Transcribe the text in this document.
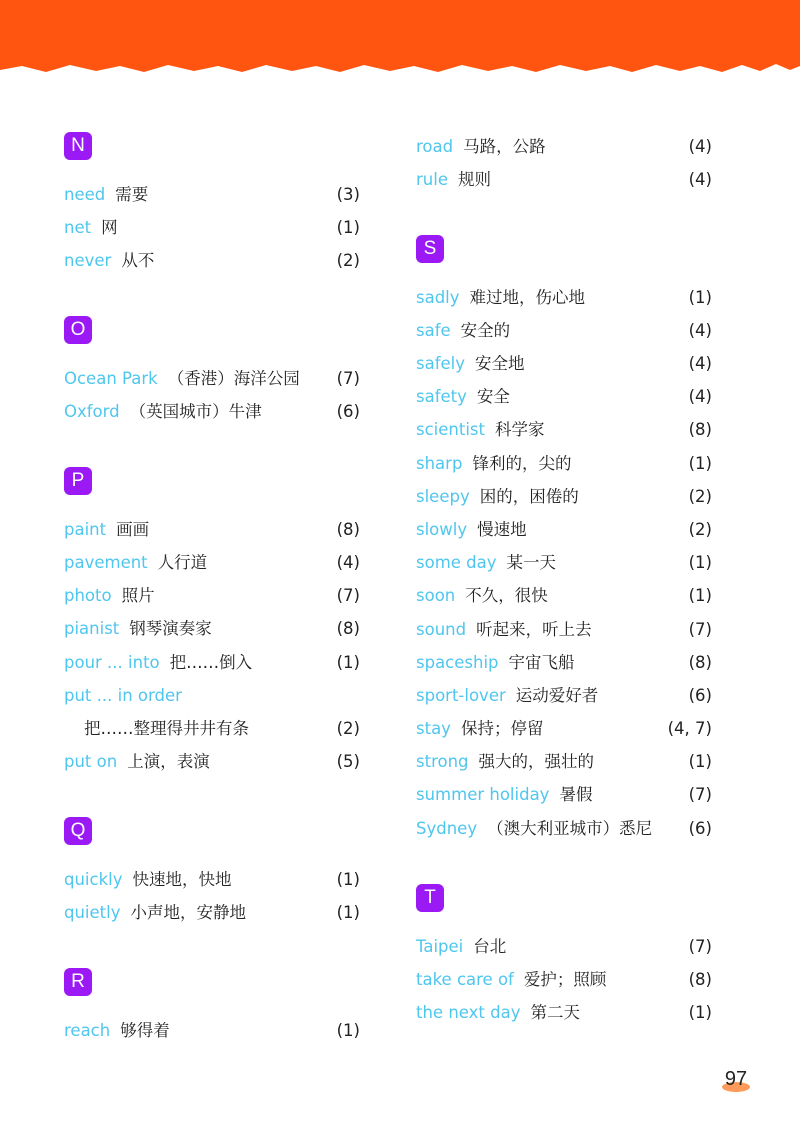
N
need 需要	(3)
net 网	(1)
never 从不	(2)
O
Ocean Park （香港）海洋公园 (7)
Oxford （英国城市）牛津	(6)
P
paint 画画	(8)
pavement 人行道	(4)
photo 照片	(7)
pianist 钢琴演奏家	(8)
pour ... into 把……倒入	(1)
put ... in order
把……整理得井井有条	(2)
put on 上演，表演	(5)
Q
quickly 快速地，快地	(1)
quietly 小声地，安静地	(1)
R
reach 够得着	(1)
road 马路，公路	(4)
rule 规则	(4)
S
sadly 难过地，伤心地	(1)
safe 安全的	(4)
safely 安全地	(4)
safety 安全	(4)
scientist 科学家	(8)
sharp 锋利的，尖的	(1)
sleepy 困的，困倦的	(2)
slowly 慢速地	(2)
some day 某一天	(1)
soon 不久，很快	(1)
sound 听起来，听上去	(7)
spaceship 宇宙飞船	(8)
sport-lover 运动爱好者	(6)
stay 保持；停留	(4, 7)
strong 强大的，强壮的	(1)
summer holiday 暑假	(7)
Sydney （澳大利亚城市）悉尼 (6)
T
Taipei 台北	(7)
take care of 爱护；照顾	(8)
the next day 第二天	(1)
97
